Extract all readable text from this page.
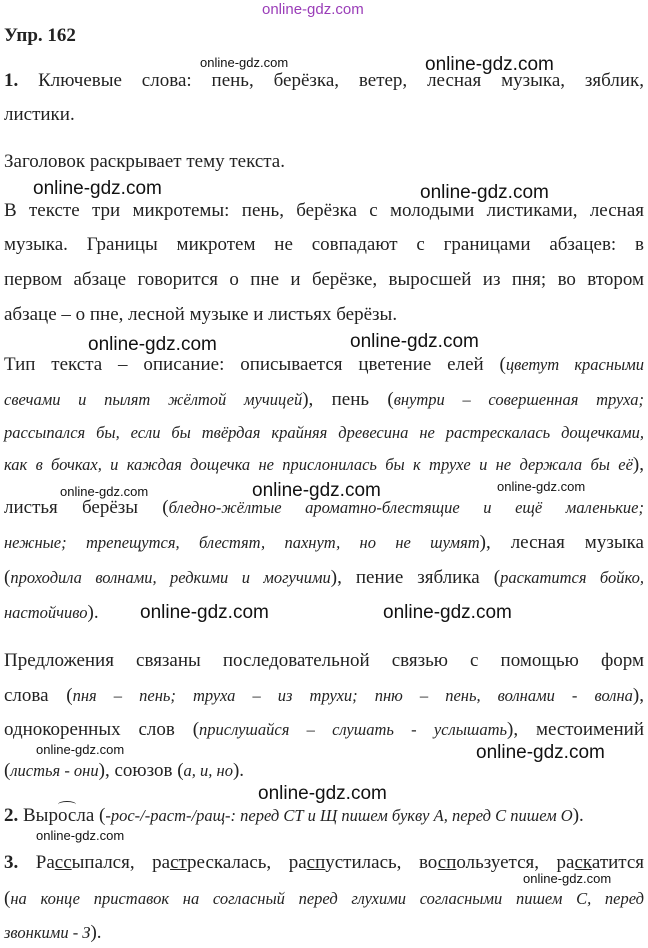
online-gdz.com
Упр. 162
online-gdz.com	online-gdz.com
1. Ключевые слова: пень, берёзка, ветер, лесная музыка, зяблик,
листики.
Заголовок раскрывает тему текста.
online-gdz.com	online-gdz.com
В тексте три микротемы: пень, берёзка с молодыми листиками, лесная
музыка. Границы микротем не совпадают с границами абзацев: в
первом абзаце говорится о пне и берёзке, выросшей из пня; во втором
абзаце – о пне, лесной музыке и листьях берёзы.
online-gdz.com	online-gdz.com
Тип текста – описание: описывается цветение елей (цветут красными
свечами и пылят жёлтой мучицей), пень (внутри – совершенная труха;
рассыпался бы, если бы твёрдая крайняя древесина не растрескалась дощечками,
как в бочках, и каждая дощечка не прислонилась бы к трухе и не держала бы её),
online-gdz.com	online-gdz.com	online-gdz.com
листья берёзы (бледно-жёлтые ароматно-блестящие и ещё маленькие;
нежные; трепещутся, блестят, пахнут, но не шумят), лесная музыка
(проходила волнами, редкими и могучими), пение зяблика (раскатится бойко,
настойчиво).	online-gdz.com	online-gdz.com
Предложения связаны последовательной связью с помощью форм
слова (пня – пень; труха – из трухи; пню – пень, волнами - волна),
однокоренных слов (прислушайся – слушать - услышать), местоимений
online-gdz.com	online-gdz.com
(листья - они), союзов (а, и, но).
online-gdz.com
2. Выросла (-рос-/-раст-/ращ-: перед СТ и Щ пишем букву А, перед С пишем О).
online-gdz.com
3. Рассыпался, растрескалась, распустилась, воспользуется, раскатится
online-gdz.com
(на конце приставок на согласный перед глухими согласными пишем С, перед
звонкими - З).
